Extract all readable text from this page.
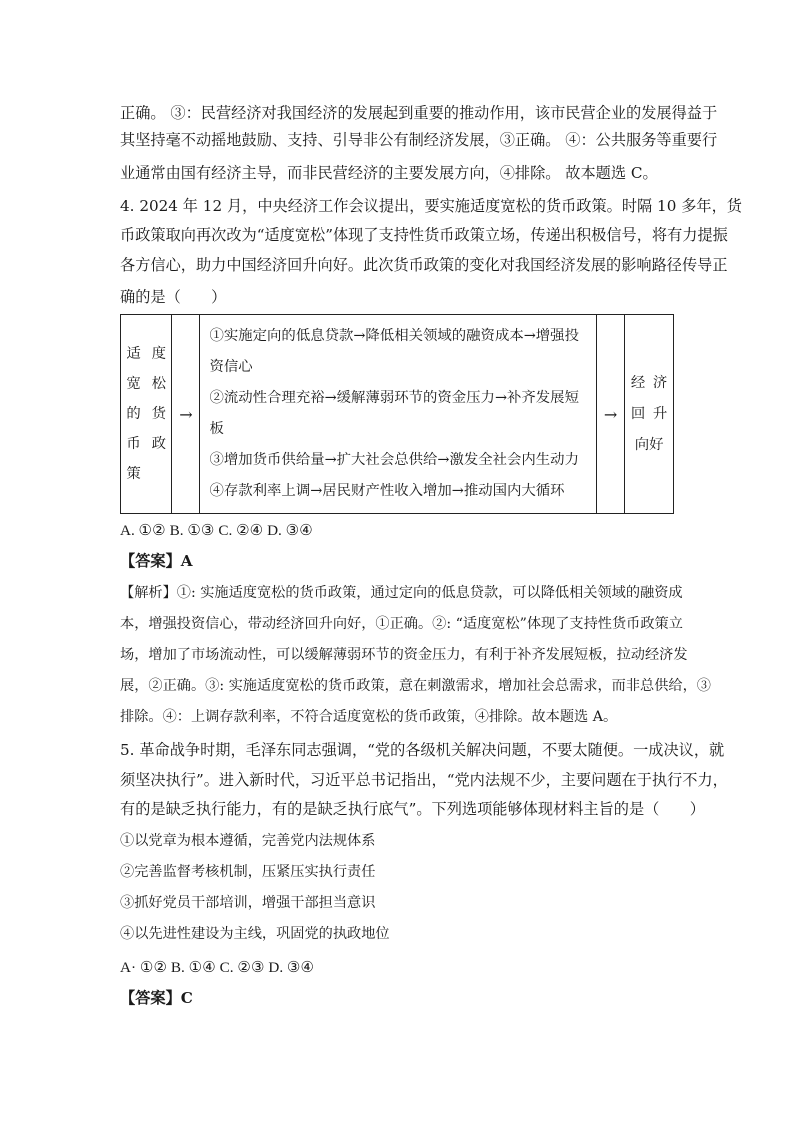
正确。 ③：民营经济对我国经济的发展起到重要的推动作用，该市民营企业的发展得益于
其坚持毫不动摇地鼓励、支持、引导非公有制经济发展，③正确。 ④：公共服务等重要行
业通常由国有经济主导，而非民营经济的主要发展方向，④排除。 故本题选 C。
4. 2024 年 12 月，中央经济工作会议提出，要实施适度宽松的货币政策。时隔 10 多年，货
币政策取向再次改为“适度宽松”体现了支持性货币政策立场，传递出积极信号，将有力提振
各方信心，助力中国经济回升向好。此次货币政策的变化对我国经济发展的影响路径传导正
确的是（　　）
适 度
宽 松
的 货
币 政
策
	→	
①实施定向的低息贷款→降低相关领域的融资成本→增强投
资信心
②流动性合理充裕→缓解薄弱环节的资金压力→补齐发展短
板
③增加货币供给量→扩大社会总供给→激发全社会内生动力
④存款利率上调→居民财产性收入增加→推动国内大循环
	→	
经 济
回 升
向好
A. ①② B. ①③ C. ②④ D. ③④
【答案】A
【解析】①: 实施适度宽松的货币政策，通过定向的低息贷款，可以降低相关领域的融资成
本，增强投资信心，带动经济回升向好，①正确。②: “适度宽松”体现了支持性货币政策立
场，增加了市场流动性，可以缓解薄弱环节的资金压力，有利于补齐发展短板，拉动经济发
展，②正确。③: 实施适度宽松的货币政策，意在刺激需求，增加社会总需求，而非总供给，③
排除。④：上调存款利率，不符合适度宽松的货币政策，④排除。故本题选 A。
5. 革命战争时期，毛泽东同志强调，“党的各级机关解决问题，不要太随便。一成决议，就
须坚决执行”。进入新时代，习近平总书记指出，“党内法规不少，主要问题在于执行不力，
有的是缺乏执行能力，有的是缺乏执行底气”。下列选项能够体现材料主旨的是（　　）
①以党章为根本遵循，完善党内法规体系
②完善监督考核机制，压紧压实执行责任
③抓好党员干部培训，增强干部担当意识
④以先进性建设为主线，巩固党的执政地位
A· ①② B. ①④ C. ②③ D. ③④
【答案】C
